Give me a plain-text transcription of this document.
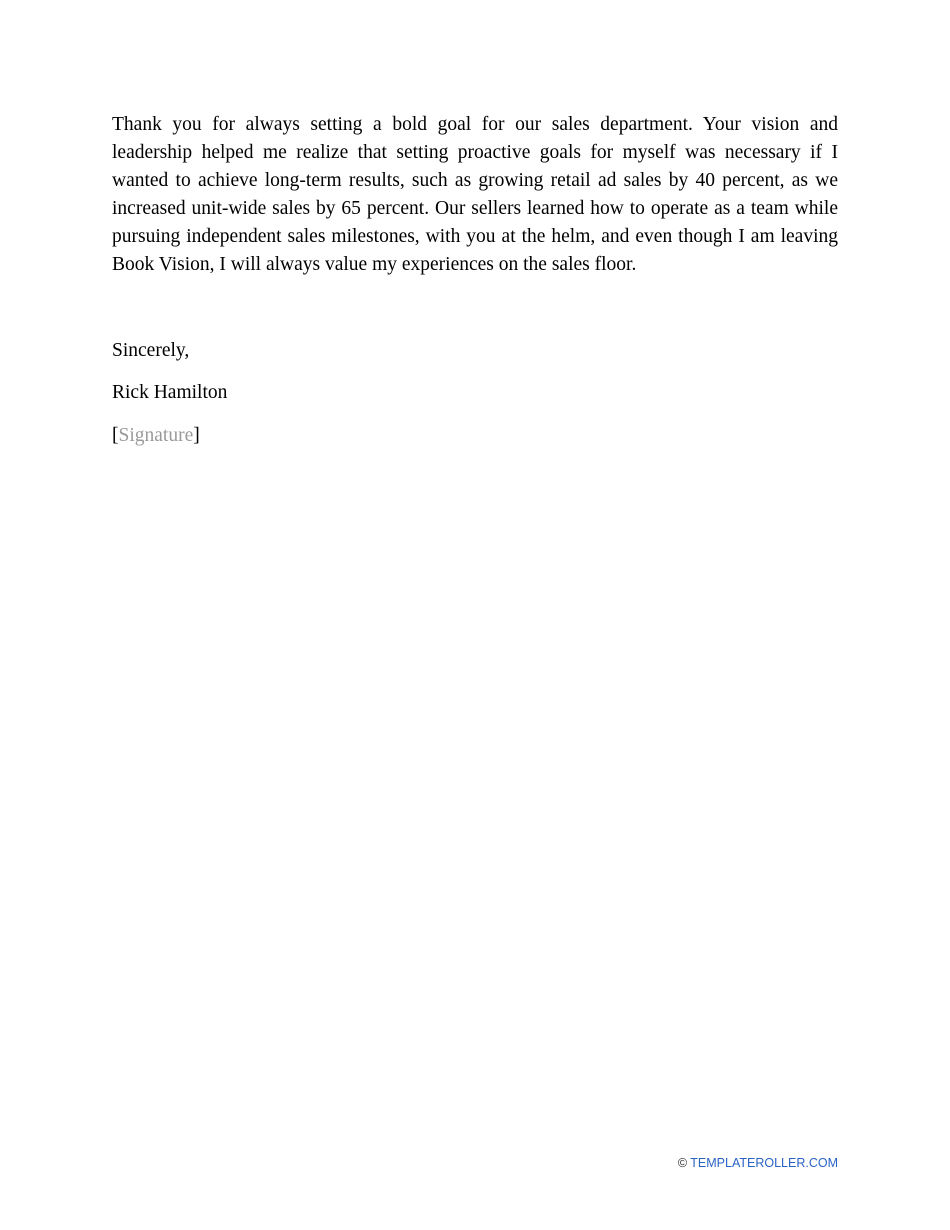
Thank you for always setting a bold goal for our sales department. Your vision and leadership helped me realize that setting proactive goals for myself was necessary if I wanted to achieve long-term results, such as growing retail ad sales by 40 percent, as we increased unit-wide sales by 65 percent. Our sellers learned how to operate as a team while pursuing independent sales milestones, with you at the helm, and even though I am leaving Book Vision, I will always value my experiences on the sales floor.

Sincerely,

Rick Hamilton

[Signature]

© TEMPLATEROLLER.COM
